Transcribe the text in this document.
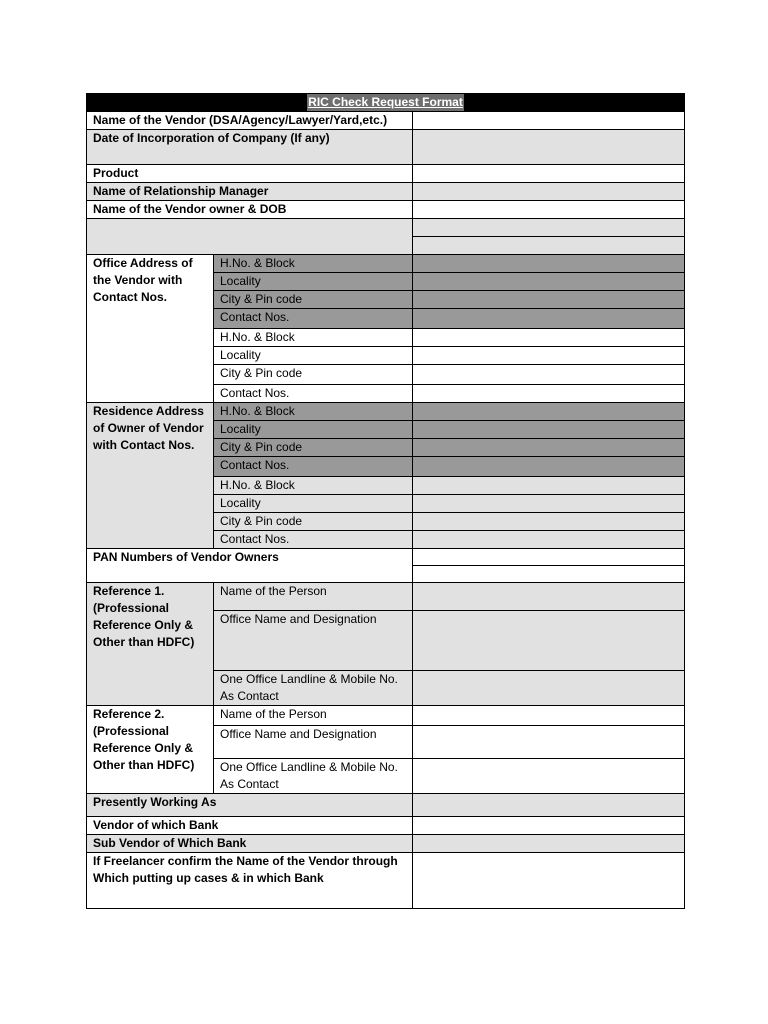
RIC Check Request Format		
Name of the Vendor (DSA/Agency/Lawyer/Yard,etc.)		
Date of Incorporation of Company (If any)		
Product		
Name of Relationship Manager		
Name of the Vendor owner & DOB		

Office Address of the Vendor with Contact Nos.	H.No. & Block	
	Locality	
	City & Pin code	
	Contact Nos.	
	H.No. & Block	
	Locality	
	City & Pin code	
	Contact Nos.	
Residence Address of Owner of Vendor with Contact Nos.	H.No. & Block	
	Locality	
	City & Pin code	
	Contact Nos.	
	H.No. & Block	
	Locality	
	City & Pin code	
	Contact Nos.	
PAN Numbers of Vendor Owners		

Reference 1. (Professional Reference Only & Other than HDFC)	Name of the Person	
	Office Name and Designation	
	One Office Landline & Mobile No. As Contact	
Reference 2. (Professional Reference Only & Other than HDFC)	Name of the Person	
	Office Name and Designation	
	One Office Landline & Mobile No. As Contact	
Presently Working As		
Vendor of which Bank		
Sub Vendor of Which Bank		
If Freelancer confirm the Name of the Vendor through Which putting up cases & in which Bank		
